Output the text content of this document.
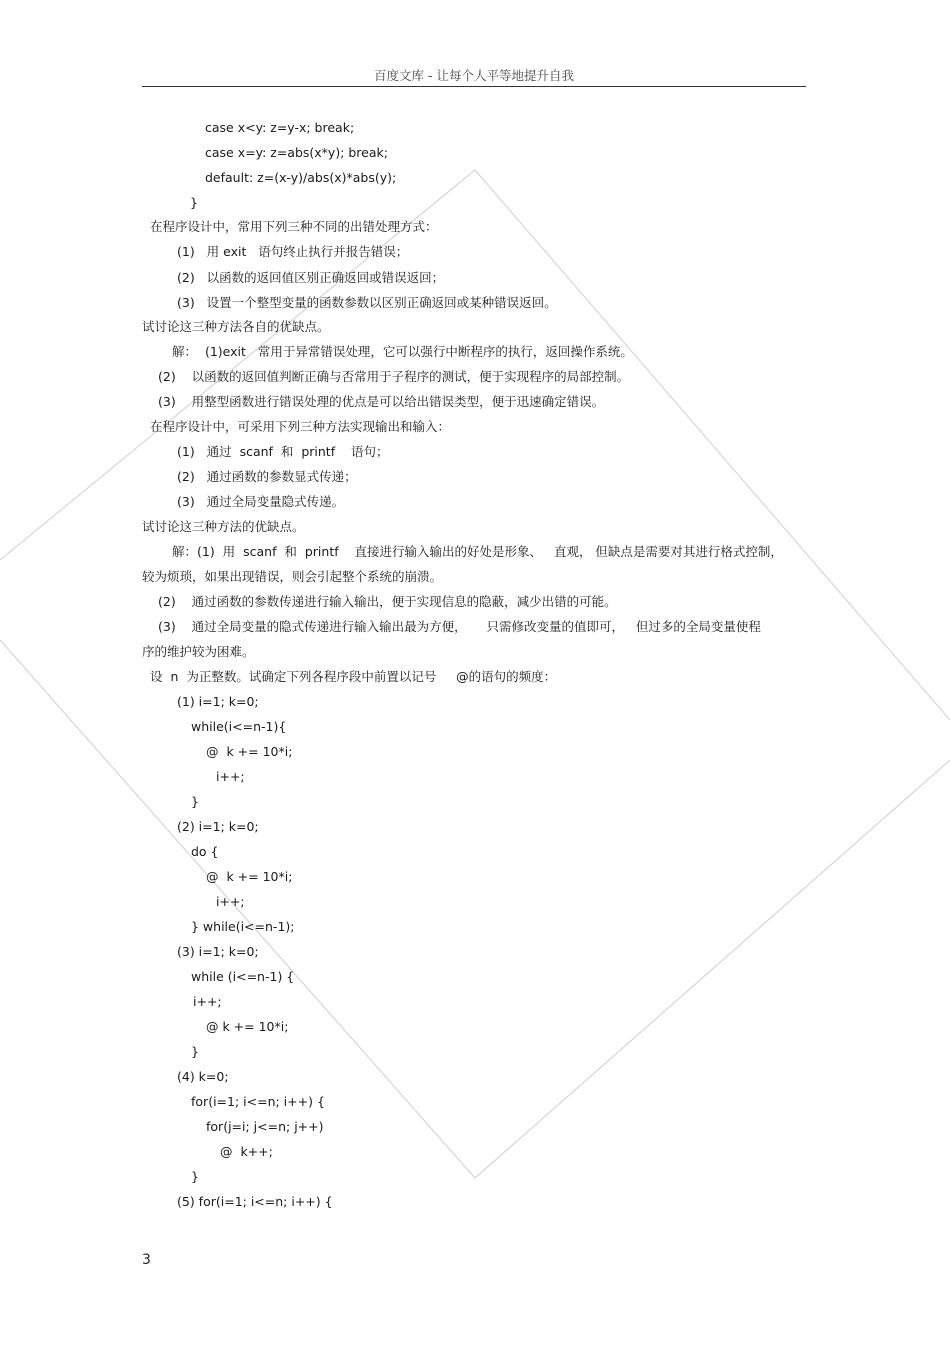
百度文库 - 让每个人平等地提升自我
case x<y: z=y-x; break;
case x=y: z=abs(x*y); break;
default: z=(x-y)/abs(x)*abs(y);
}
在程序设计中，常用下列三种不同的出错处理方式：
(1)   用 exit   语句终止执行并报告错误；
(2)   以函数的返回值区别正确返回或错误返回；
(3)   设置一个整型变量的函数参数以区别正确返回或某种错误返回。
试讨论这三种方法各自的优缺点。
解：  (1)exit   常用于异常错误处理，它可以强行中断程序的执行，返回操作系统。
(2)    以函数的返回值判断正确与否常用于子程序的测试，便于实现程序的局部控制。
(3)    用整型函数进行错误处理的优点是可以给出错误类型，便于迅速确定错误。
在程序设计中，可采用下列三种方法实现输出和输入：
(1)   通过  scanf  和  printf    语句；
(2)   通过函数的参数显式传递；
(3)   通过全局变量隐式传递。
试讨论这三种方法的优缺点。
解：(1)  用  scanf  和  printf    直接进行输入输出的好处是形象、   直观， 但缺点是需要对其进行格式控制，
较为烦琐，如果出现错误，则会引起整个系统的崩溃。
(2)    通过函数的参数传递进行输入输出，便于实现信息的隐蔽，减少出错的可能。
(3)    通过全局变量的隐式传递进行输入输出最为方便，     只需修改变量的值即可，   但过多的全局变量使程
序的维护较为困难。
设  n  为正整数。试确定下列各程序段中前置以记号     @的语句的频度：
(1) i=1; k=0;
while(i<=n-1){
@  k += 10*i;
i++;
}
(2) i=1; k=0;
do {
@  k += 10*i;
i++;
} while(i<=n-1);
(3) i=1; k=0;
while (i<=n-1) {
i++;
@ k += 10*i;
}
(4) k=0;
for(i=1; i<=n; i++) {
for(j=i; j<=n; j++)
@  k++;
}
(5) for(i=1; i<=n; i++) {
3
